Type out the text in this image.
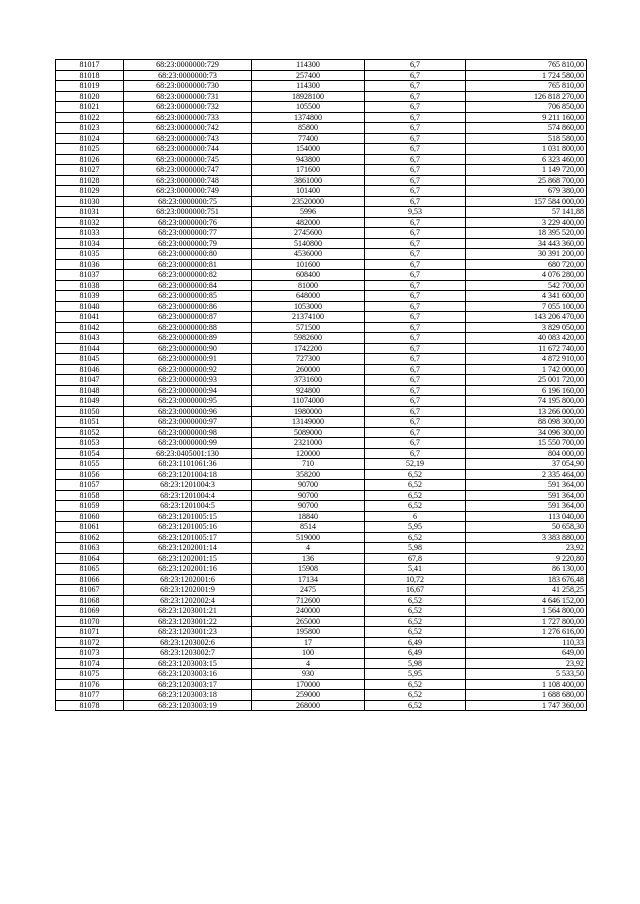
81017	68:23:0000000:729	114300	6,7	765 810,00
81018	68:23:0000000:73	257400	6,7	1 724 580,00
81019	68:23:0000000:730	114300	6,7	765 810,00
81020	68:23:0000000:731	18928100	6,7	126 818 270,00
81021	68:23:0000000:732	105500	6,7	706 850,00
81022	68:23:0000000:733	1374800	6,7	9 211 160,00
81023	68:23:0000000:742	85800	6,7	574 860,00
81024	68:23:0000000:743	77400	6,7	518 580,00
81025	68:23:0000000:744	154000	6,7	1 031 800,00
81026	68:23:0000000:745	943800	6,7	6 323 460,00
81027	68:23:0000000:747	171600	6,7	1 149 720,00
81028	68:23:0000000:748	3861000	6,7	25 868 700,00
81029	68:23:0000000:749	101400	6,7	679 380,00
81030	68:23:0000000:75	23520000	6,7	157 584 000,00
81031	68:23:0000000:751	5996	9,53	57 141,88
81032	68:23:0000000:76	482000	6,7	3 229 400,00
81033	68:23:0000000:77	2745600	6,7	18 395 520,00
81034	68:23:0000000:79	5140800	6,7	34 443 360,00
81035	68:23:0000000:80	4536000	6,7	30 391 200,00
81036	68:23:0000000:81	101600	6,7	680 720,00
81037	68:23:0000000:82	608400	6,7	4 076 280,00
81038	68:23:0000000:84	81000	6,7	542 700,00
81039	68:23:0000000:85	648000	6,7	4 341 600,00
81040	68:23:0000000:86	1053000	6,7	7 055 100,00
81041	68:23:0000000:87	21374100	6,7	143 206 470,00
81042	68:23:0000000:88	571500	6,7	3 829 050,00
81043	68:23:0000000:89	5982600	6,7	40 083 420,00
81044	68:23:0000000:90	1742200	6,7	11 672 740,00
81045	68:23:0000000:91	727300	6,7	4 872 910,00
81046	68:23:0000000:92	260000	6,7	1 742 000,00
81047	68:23:0000000:93	3731600	6,7	25 001 720,00
81048	68:23:0000000:94	924800	6,7	6 196 160,00
81049	68:23:0000000:95	11074000	6,7	74 195 800,00
81050	68:23:0000000:96	1980000	6,7	13 266 000,00
81051	68:23:0000000:97	13149000	6,7	88 098 300,00
81052	68:23:0000000:98	5089000	6,7	34 096 300,00
81053	68:23:0000000:99	2321000	6,7	15 550 700,00
81054	68:23:0405001:130	120000	6,7	804 000,00
81055	68:23:1101061:36	710	52,19	37 054,90
81056	68:23:1201004:18	358200	6,52	2 335 464,00
81057	68:23:1201004:3	90700	6,52	591 364,00
81058	68:23:1201004:4	90700	6,52	591 364,00
81059	68:23:1201004:5	90700	6,52	591 364,00
81060	68:23:1201005:15	18840	6	113 040,00
81061	68:23:1201005:16	8514	5,95	50 658,30
81062	68:23:1201005:17	519000	6,52	3 383 880,00
81063	68:23:1202001:14	4	5,98	23,92
81064	68:23:1202001:15	136	67,8	9 220,80
81065	68:23:1202001:16	15908	5,41	86 130,00
81066	68:23:1202001:6	17134	10,72	183 676,48
81067	68:23:1202001:9	2475	16,67	41 258,25
81068	68:23:1202002:4	712600	6,52	4 646 152,00
81069	68:23:1203001:21	240000	6,52	1 564 800,00
81070	68:23:1203001:22	265000	6,52	1 727 800,00
81071	68:23:1203001:23	195800	6,52	1 276 616,00
81072	68:23:1203002:6	17	6,49	110,33
81073	68:23:1203002:7	100	6,49	649,00
81074	68:23:1203003:15	4	5,98	23,92
81075	68:23:1203003:16	930	5,95	5 533,50
81076	68:23:1203003:17	170000	6,52	1 108 400,00
81077	68:23:1203003:18	259000	6,52	1 688 680,00
81078	68:23:1203003:19	268000	6,52	1 747 360,00
